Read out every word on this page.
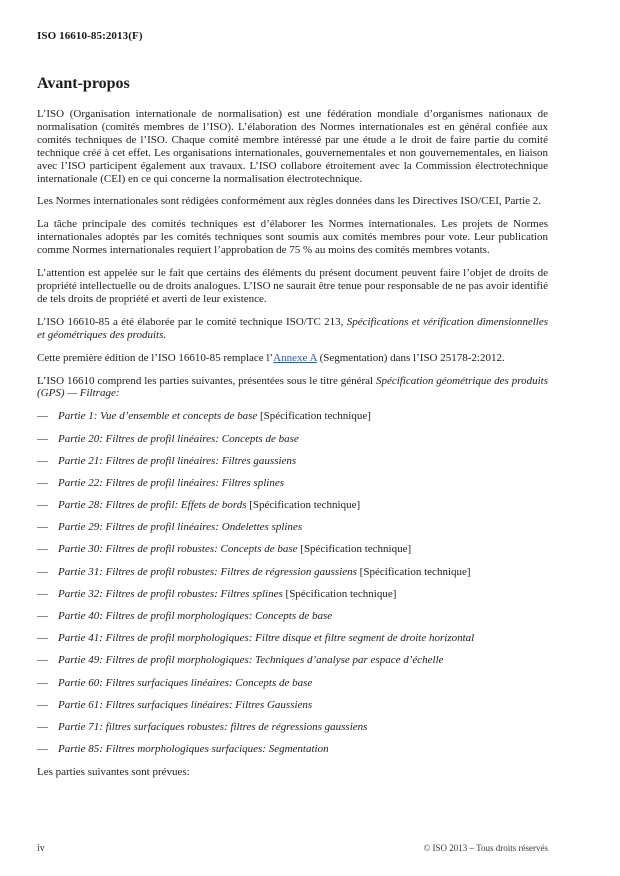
ISO 16610-85:2013(F)
Avant-propos

L’ISO (Organisation internationale de normalisation) est une fédération mondiale d’organismes nationaux de normalisation (comités membres de l’ISO). L’élaboration des Normes internationales est en général confiée aux comités techniques de l’ISO. Chaque comité membre intéressé par une étude a le droit de faire partie du comité technique créé à cet effet. Les organisations internationales, gouvernementales et non gouvernementales, en liaison avec l’ISO participent également aux travaux. L’ISO collabore étroitement avec la Commission électrotechnique internationale (CEI) en ce qui concerne la normalisation électrotechnique.

Les Normes internationales sont rédigées conformément aux règles données dans les Directives ISO/CEI, Partie 2.

La tâche principale des comités techniques est d’élaborer les Normes internationales. Les projets de Normes internationales adoptés par les comités techniques sont soumis aux comités membres pour vote. Leur publication comme Normes internationales requiert l’approbation de 75 % au moins des comités membres votants.

L’attention est appelée sur le fait que certains des éléments du présent document peuvent faire l’objet de droits de propriété intellectuelle ou de droits analogues. L’ISO ne saurait être tenue pour responsable de ne pas avoir identifié de tels droits de propriété et averti de leur existence.

L’ISO 16610-85 a été élaborée par le comité technique ISO/TC 213, Spécifications et vérification dimensionnelles et géométriques des produits.

Cette première édition de l’ISO 16610-85 remplace l’Annexe A (Segmentation) dans l’ISO 25178-2:2012.

L’ISO 16610 comprend les parties suivantes, présentées sous le titre général Spécification géométrique des produits (GPS) — Filtrage:

— Partie 1: Vue d’ensemble et concepts de base [Spécification technique]
— Partie 20: Filtres de profil linéaires: Concepts de base
— Partie 21: Filtres de profil linéaires: Filtres gaussiens
— Partie 22: Filtres de profil linéaires: Filtres splines
— Partie 28: Filtres de profil: Effets de bords [Spécification technique]
— Partie 29: Filtres de profil linéaires: Ondelettes splines
— Partie 30: Filtres de profil robustes: Concepts de base [Spécification technique]
— Partie 31: Filtres de profil robustes: Filtres de régression gaussiens [Spécification technique]
— Partie 32: Filtres de profil robustes: Filtres splines [Spécification technique]
— Partie 40: Filtres de profil morphologiques: Concepts de base
— Partie 41: Filtres de profil morphologiques: Filtre disque et filtre segment de droite horizontal
— Partie 49: Filtres de profil morphologiques: Techniques d’analyse par espace d’échelle
— Partie 60: Filtres surfaciques linéaires: Concepts de base
— Partie 61: Filtres surfaciques linéaires: Filtres Gaussiens
— Partie 71: filtres surfaciques robustes: filtres de régressions gaussiens
— Partie 85: Filtres morphologiques surfaciques: Segmentation

Les parties suivantes sont prévues:

iv	© ISO 2013 – Tous droits réservés
